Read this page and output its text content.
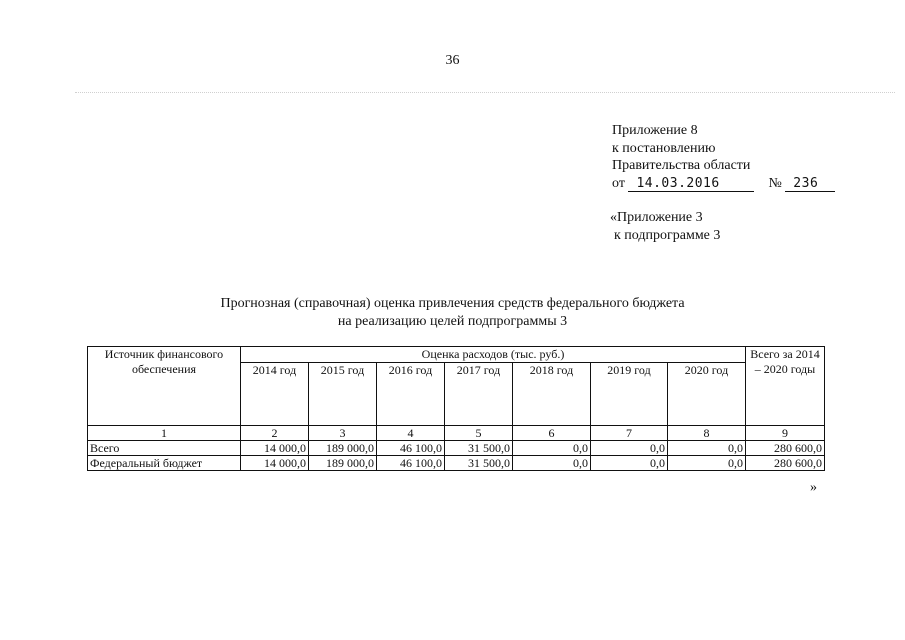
36
Приложение 8
к постановлению
Правительства области
от 14.03.2016	№ 236
«Приложение 3
к подпрограмме 3
Прогнозная (справочная) оценка привлечения средств федерального бюджета
на реализацию целей подпрограммы 3
Источник финансового обеспечения	Оценка расходов (тыс. руб.)							Всего за 2014 – 2020 годы
	2014 год	2015 год	2016 год	2017 год	2018 год	2019 год	2020 год	
1	2	3	4	5	6	7	8	9
Всего	14 000,0	189 000,0	46 100,0	31 500,0	0,0	0,0	0,0	280 600,0
Федеральный бюджет	14 000,0	189 000,0	46 100,0	31 500,0	0,0	0,0	0,0	280 600,0
»
